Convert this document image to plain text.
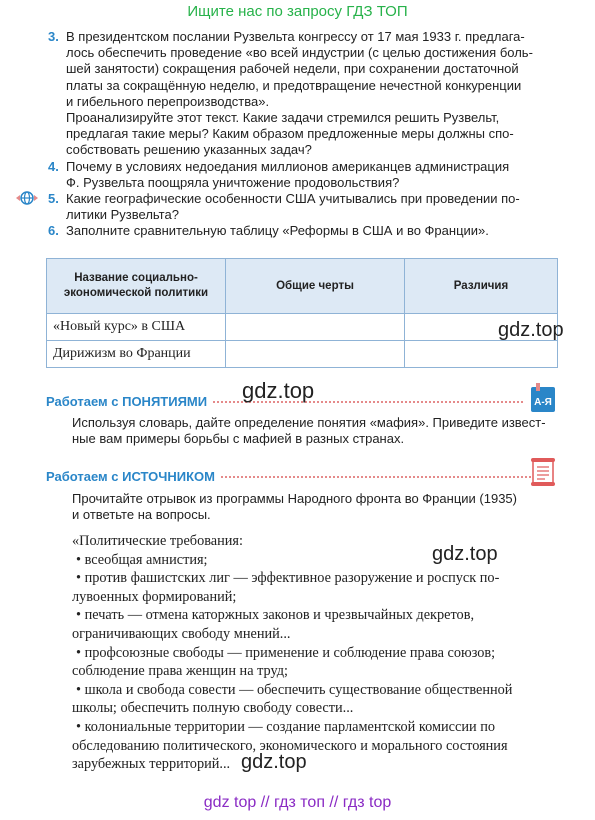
Ищите нас по запросу ГДЗ ТОП
3. В президентском послании Рузвельта конгрессу от 17 мая 1933 г. предлага-
лось обеспечить проведение «во всей индустрии (с целью достижения боль-
шей занятости) сокращения рабочей недели, при сохранении достаточной
платы за сокращённую неделю, и предотвращение нечестной конкуренции
и гибельного перепроизводства».
Проанализируйте этот текст. Какие задачи стремился решить Рузвельт,
предлагая такие меры? Каким образом предложенные меры должны спо-
собствовать решению указанных задач?
4. Почему в условиях недоедания миллионов американцев администрация
Ф. Рузвельта поощряла уничтожение продовольствия?
5. Какие географические особенности США учитывались при проведении по-
литики Рузвельта?
6. Заполните сравнительную таблицу «Реформы в США и во Франции».
Название социально-экономической политики	Общие черты	Различия
«Новый курс» в США		
Дирижизм во Франции		
Работаем с ПОНЯТИЯМИ	А-Я
Используя словарь, дайте определение понятия «мафия». Приведите извест-
ные вам примеры борьбы с мафией в разных странах.
Работаем с ИСТОЧНИКОМ
Прочитайте отрывок из программы Народного фронта во Франции (1935)
и ответьте на вопросы.
«Политические требования:
• всеобщая амнистия;
• против фашистских лиг — эффективное разоружение и роспуск по-
лувоенных формирований;
• печать — отмена каторжных законов и чрезвычайных декретов,
ограничивающих свободу мнений...
• профсоюзные свободы — применение и соблюдение права союзов;
соблюдение права женщин на труд;
• школа и свобода совести — обеспечить существование общественной
школы; обеспечить полную свободу совести...
• колониальные территории — создание парламентской комиссии по
обследованию политического, экономического и морального состояния
зарубежных территорий...
gdz.top
gdz.top
gdz.top
gdz.top
gdz top // гдз топ // гдз top
